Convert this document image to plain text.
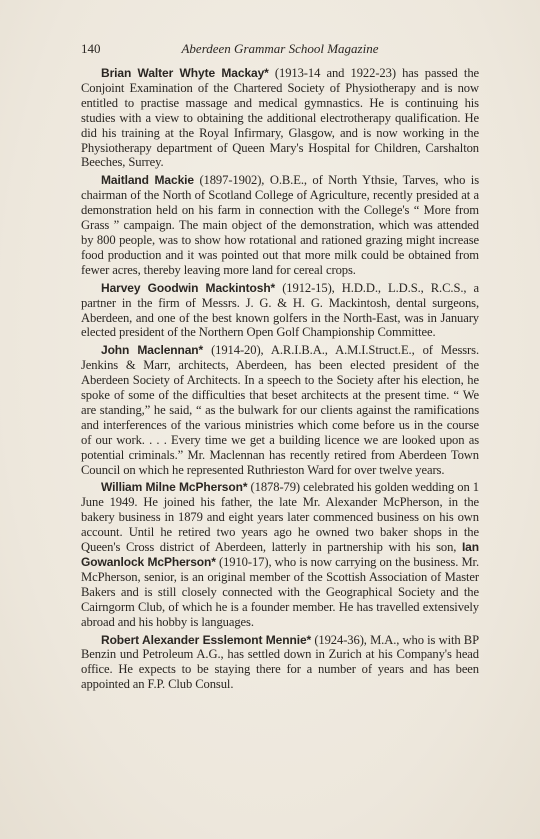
140	Aberdeen Grammar School Magazine

Brian Walter Whyte Mackay* (1913-14 and 1922-23) has passed the Conjoint Examination of the Chartered Society of Physiotherapy and is now entitled to practise massage and medical gymnastics. He is continuing his studies with a view to obtaining the additional electrotherapy qualification. He did his training at the Royal Infirmary, Glasgow, and is now working in the Physiotherapy department of Queen Mary's Hospital for Children, Carshalton Beeches, Surrey.

Maitland Mackie (1897-1902), O.B.E., of North Ythsie, Tarves, who is chairman of the North of Scotland College of Agriculture, recently presided at a demonstration held on his farm in connection with the College's “ More from Grass ” campaign. The main object of the demonstration, which was attended by 800 people, was to show how rotational and rationed grazing might increase food production and it was pointed out that more milk could be obtained from fewer acres, thereby leaving more land for cereal crops.

Harvey Goodwin Mackintosh* (1912-15), H.D.D., L.D.S., R.C.S., a partner in the firm of Messrs. J. G. & H. G. Mackintosh, dental surgeons, Aberdeen, and one of the best known golfers in the North-East, was in January elected president of the Northern Open Golf Championship Committee.

John Maclennan* (1914-20), A.R.I.B.A., A.M.I.Struct.E., of Messrs. Jenkins & Marr, architects, Aberdeen, has been elected president of the Aberdeen Society of Architects. In a speech to the Society after his election, he spoke of some of the difficulties that beset architects at the present time. “ We are standing,” he said, “ as the bulwark for our clients against the ramifications and interferences of the various ministries which come before us in the course of our work. . . . Every time we get a building licence we are looked upon as potential criminals.” Mr. Maclennan has recently retired from Aberdeen Town Council on which he represented Ruthrieston Ward for over twelve years.

William Milne McPherson* (1878-79) celebrated his golden wedding on 1 June 1949. He joined his father, the late Mr. Alexander McPherson, in the bakery business in 1879 and eight years later commenced business on his own account. Until he retired two years ago he owned two baker shops in the Queen's Cross district of Aberdeen, latterly in partnership with his son, Ian Gowanlock McPherson* (1910-17), who is now carrying on the business. Mr. McPherson, senior, is an original member of the Scottish Association of Master Bakers and is still closely connected with the Geographical Society and the Cairngorm Club, of which he is a founder member. He has travelled extensively abroad and his hobby is languages.

Robert Alexander Esslemont Mennie* (1924-36), M.A., who is with BP Benzin und Petroleum A.G., has settled down in Zurich at his Company's head office. He expects to be staying there for a number of years and has been appointed an F.P. Club Consul.
